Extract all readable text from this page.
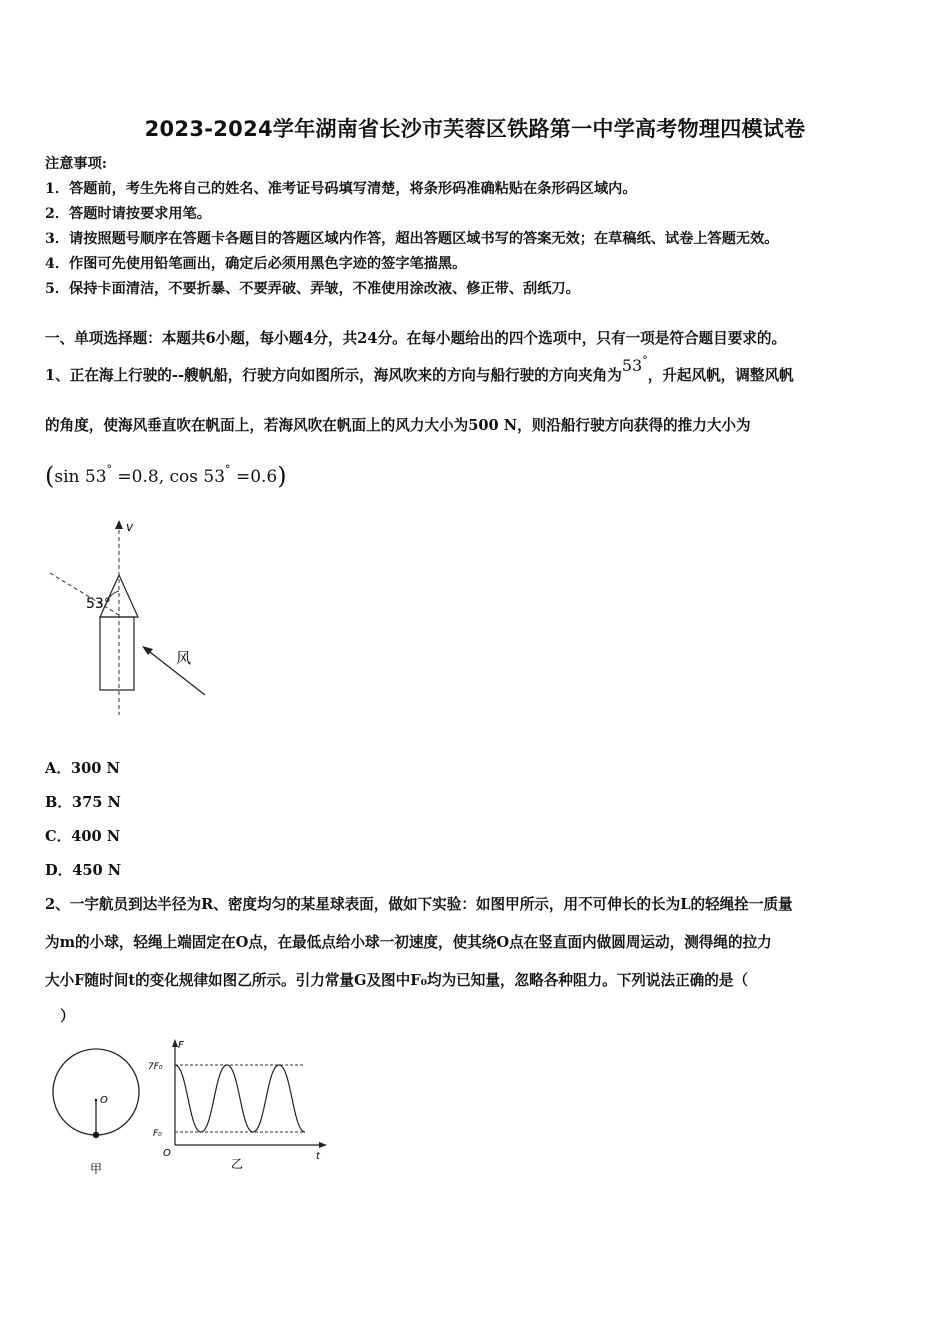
2023-2024学年湖南省长沙市芙蓉区铁路第一中学高考物理四模试卷
注意事项:
1．答题前，考生先将自己的姓名、准考证号码填写清楚，将条形码准确粘贴在条形码区域内。
2．答题时请按要求用笔。
3．请按照题号顺序在答题卡各题目的答题区域内作答，超出答题区域书写的答案无效；在草稿纸、试卷上答题无效。
4．作图可先使用铅笔画出，确定后必须用黑色字迹的签字笔描黑。
5．保持卡面清洁，不要折暴、不要弄破、弄皱，不准使用涂改液、修正带、刮纸刀。
一、单项选择题：本题共6小题，每小题4分，共24分。在每小题给出的四个选项中，只有一项是符合题目要求的。
1、正在海上行驶的--艘帆船，行驶方向如图所示，海风吹来的方向与船行驶的方向夹角为53°，升起风帆，调整风帆
的角度，使海风垂直吹在帆面上，若海风吹在帆面上的风力大小为500 N，则沿船行驶方向获得的推力大小为
(sin 53° =0.8, cos 53° =0.6)
v
风
53°
A．300 N
B．375 N
C．400 N
D．450 N
2、一宇航员到达半径为R、密度均匀的某星球表面，做如下实验：如图甲所示，用不可伸长的长为L的轻绳拴一质量
为m的小球，轻绳上端固定在O点，在最低点给小球一初速度，使其绕O点在竖直面内做圆周运动，测得绳的拉力
大小F随时间t的变化规律如图乙所示。引力常量G及图中F₀均为已知量，忽略各种阻力。下列说法正确的是（
）
O
甲
F
t
O
7F₀
F₀
乙
